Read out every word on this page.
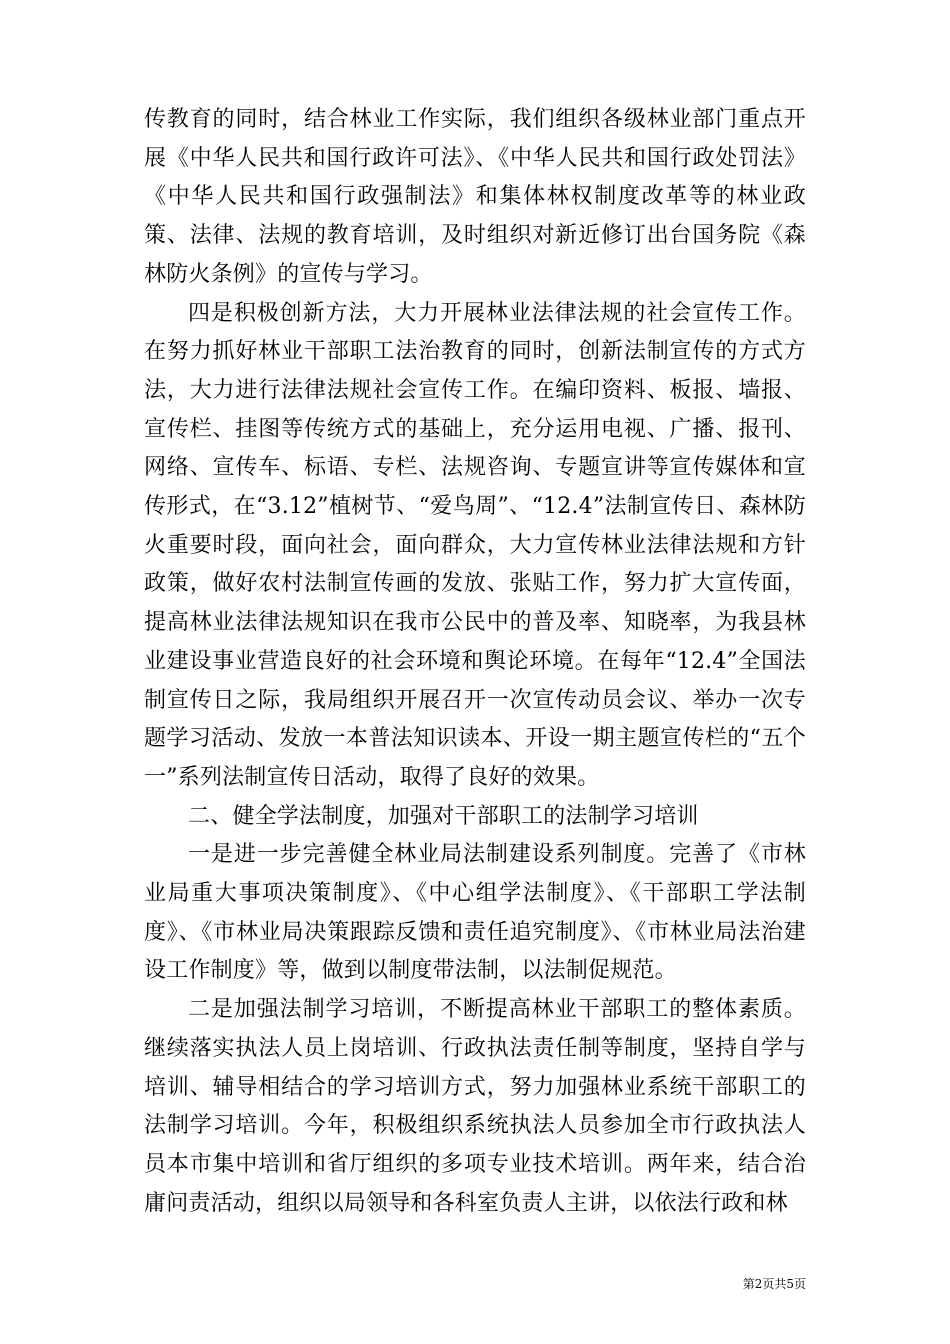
传教育的同时，结合林业工作实际，我们组织各级林业部门重点开展《中华人民共和国行政许可法》、《中华人民共和国行政处罚法》《中华人民共和国行政强制法》和集体林权制度改革等的林业政策、法律、法规的教育培训，及时组织对新近修订出台国务院《森林防火条例》的宣传与学习。

四是积极创新方法，大力开展林业法律法规的社会宣传工作。在努力抓好林业干部职工法治教育的同时，创新法制宣传的方式方法，大力进行法律法规社会宣传工作。在编印资料、板报、墙报、宣传栏、挂图等传统方式的基础上，充分运用电视、广播、报刊、网络、宣传车、标语、专栏、法规咨询、专题宣讲等宣传媒体和宣传形式，在“3.12”植树节、“爱鸟周”、“12.4”法制宣传日、森林防火重要时段，面向社会，面向群众，大力宣传林业法律法规和方针政策，做好农村法制宣传画的发放、张贴工作，努力扩大宣传面，提高林业法律法规知识在我市公民中的普及率、知晓率，为我县林业建设事业营造良好的社会环境和舆论环境。在每年“12.4”全国法制宣传日之际，我局组织开展召开一次宣传动员会议、举办一次专题学习活动、发放一本普法知识读本、开设一期主题宣传栏的“五个一”系列法制宣传日活动，取得了良好的效果。

二、健全学法制度，加强对干部职工的法制学习培训

一是进一步完善健全林业局法制建设系列制度。完善了《市林业局重大事项决策制度》、《中心组学法制度》、《干部职工学法制度》、《市林业局决策跟踪反馈和责任追究制度》、《市林业局法治建设工作制度》等，做到以制度带法制，以法制促规范。

二是加强法制学习培训，不断提高林业干部职工的整体素质。继续落实执法人员上岗培训、行政执法责任制等制度，坚持自学与培训、辅导相结合的学习培训方式，努力加强林业系统干部职工的法制学习培训。今年，积极组织系统执法人员参加全市行政执法人员本市集中培训和省厅组织的多项专业技术培训。两年来，结合治庸问责活动，组织以局领导和各科室负责人主讲，以依法行政和林

第2页共5页
